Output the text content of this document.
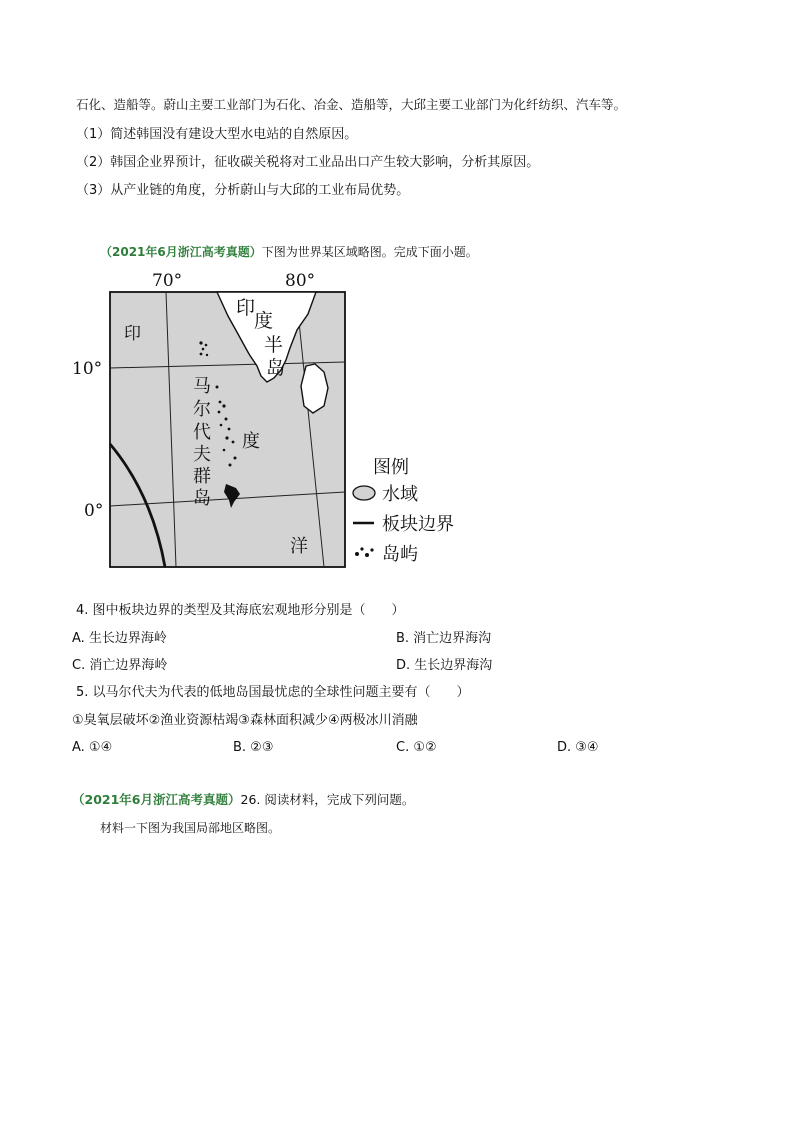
石化、造船等。蔚山主要工业部门为石化、冶金、造船等，大邱主要工业部门为化纤纺织、汽车等。
（1）简述韩国没有建设大型水电站的自然原因。
（2）韩国企业界预计，征收碳关税将对工业品出口产生较大影响，分析其原因。
（3）从产业链的角度，分析蔚山与大邱的工业布局优势。
（2021年6月浙江高考真题）下图为世界某区域略图。完成下面小题。
70°	80°
10°
0°
印
印
度
半
岛
马
尔
代
夫
群
岛
度
洋
图例
水域
板块边界
岛屿
4. 图中板块边界的类型及其海底宏观地形分别是（　　）
A. 生长边界海岭	B. 消亡边界海沟
C. 消亡边界海岭	D. 生长边界海沟
5. 以马尔代夫为代表的低地岛国最忧虑的全球性问题主要有（　　）
①臭氧层破坏②渔业资源枯竭③森林面积减少④两极冰川消融
A. ①④	B. ②③	C. ①②	D. ③④
（2021年6月浙江高考真题）26. 阅读材料，完成下列问题。
材料一下图为我国局部地区略图。
